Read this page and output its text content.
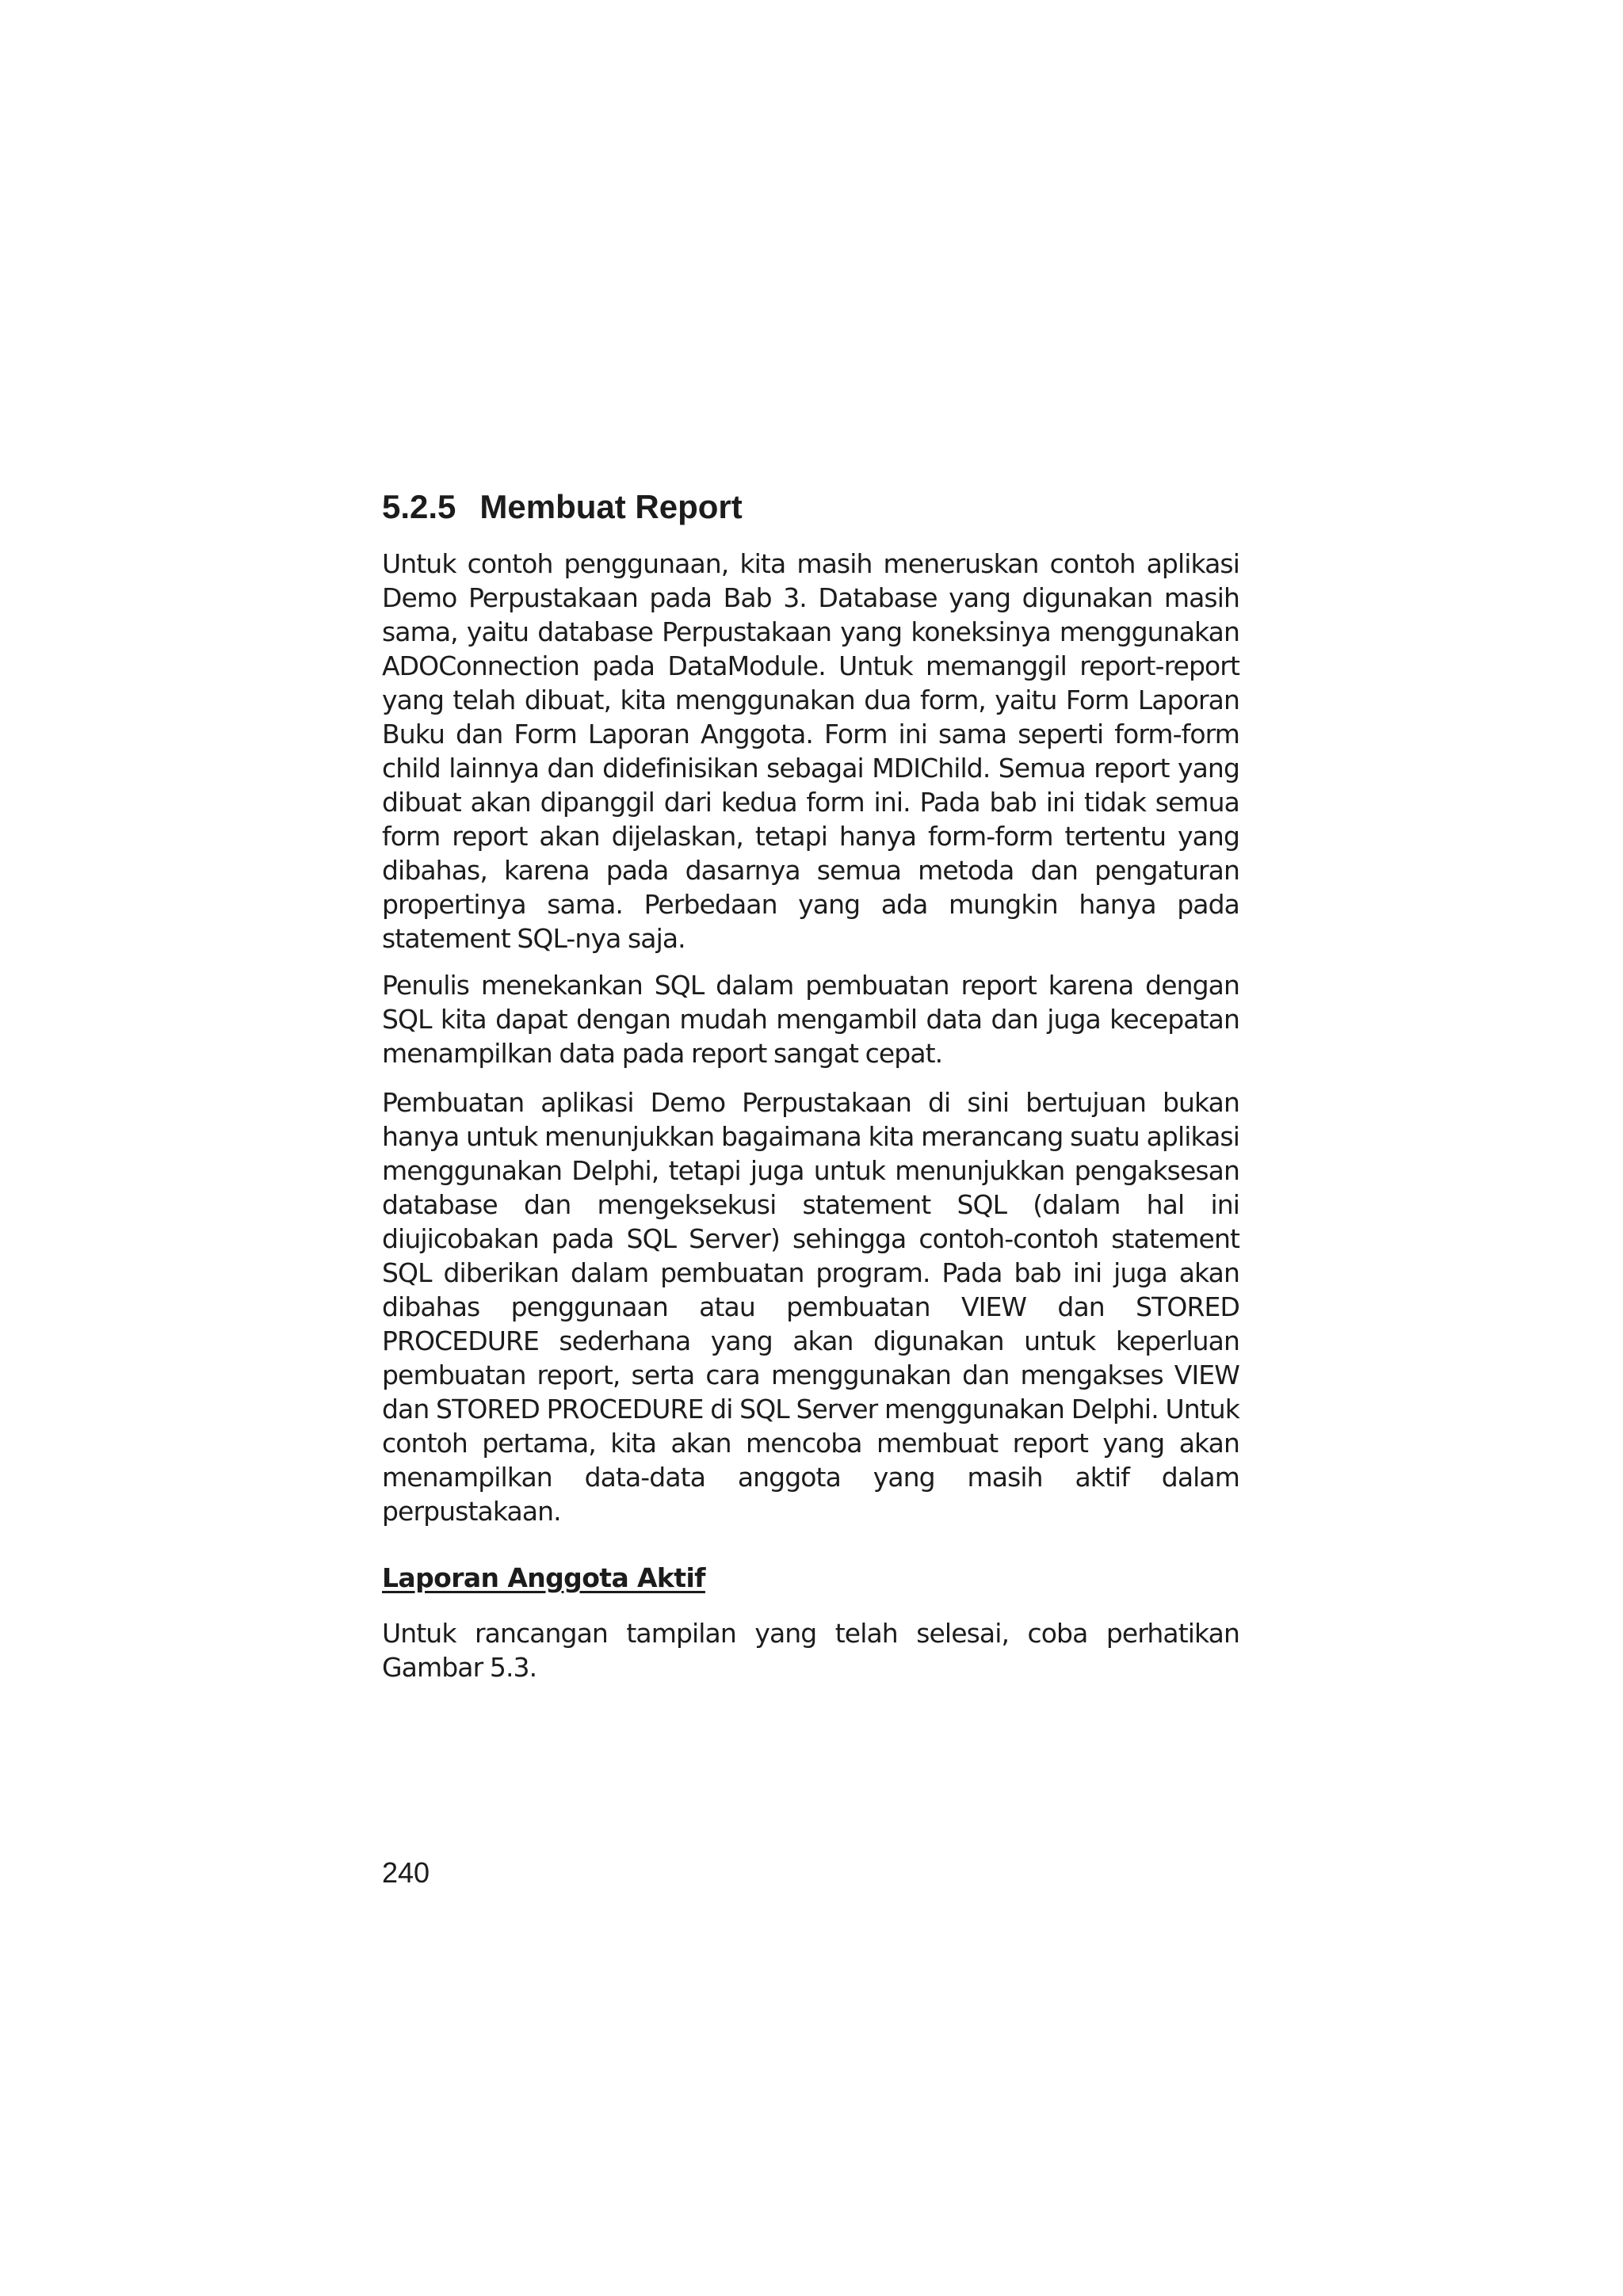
5.2.5 Membuat Report

Untuk contoh penggunaan, kita masih meneruskan contoh aplikasi Demo Perpustakaan pada Bab 3. Database yang digunakan masih sama, yaitu database Perpustakaan yang koneksinya menggunakan ADOConnection pada DataModule. Untuk memanggil report-report yang telah dibuat, kita menggunakan dua form, yaitu Form Laporan Buku dan Form Laporan Anggota. Form ini sama seperti form-form child lainnya dan didefinisikan sebagai MDIChild. Semua report yang dibuat akan dipanggil dari kedua form ini. Pada bab ini tidak semua form report akan dijelaskan, tetapi hanya form-form tertentu yang dibahas, karena pada dasarnya semua metoda dan pengaturan propertinya sama. Perbedaan yang ada mungkin hanya pada statement SQL-nya saja.

Penulis menekankan SQL dalam pembuatan report karena dengan SQL kita dapat dengan mudah mengambil data dan juga kecepatan menampilkan data pada report sangat cepat.

Pembuatan aplikasi Demo Perpustakaan di sini bertujuan bukan hanya untuk menunjukkan bagaimana kita merancang suatu aplikasi menggunakan Delphi, tetapi juga untuk menunjukkan pengaksesan database dan mengeksekusi statement SQL (dalam hal ini diujicobakan pada SQL Server) sehingga contoh-contoh statement SQL diberikan dalam pembuatan program. Pada bab ini juga akan dibahas penggunaan atau pembuatan VIEW dan STORED PROCEDURE sederhana yang akan digunakan untuk keperluan pembuatan report, serta cara menggunakan dan mengakses VIEW dan STORED PROCEDURE di SQL Server menggunakan Delphi. Untuk contoh pertama, kita akan mencoba membuat report yang akan menampilkan data-data anggota yang masih aktif dalam perpustakaan.

Laporan Anggota Aktif

Untuk rancangan tampilan yang telah selesai, coba perhatikan Gambar 5.3.

240
